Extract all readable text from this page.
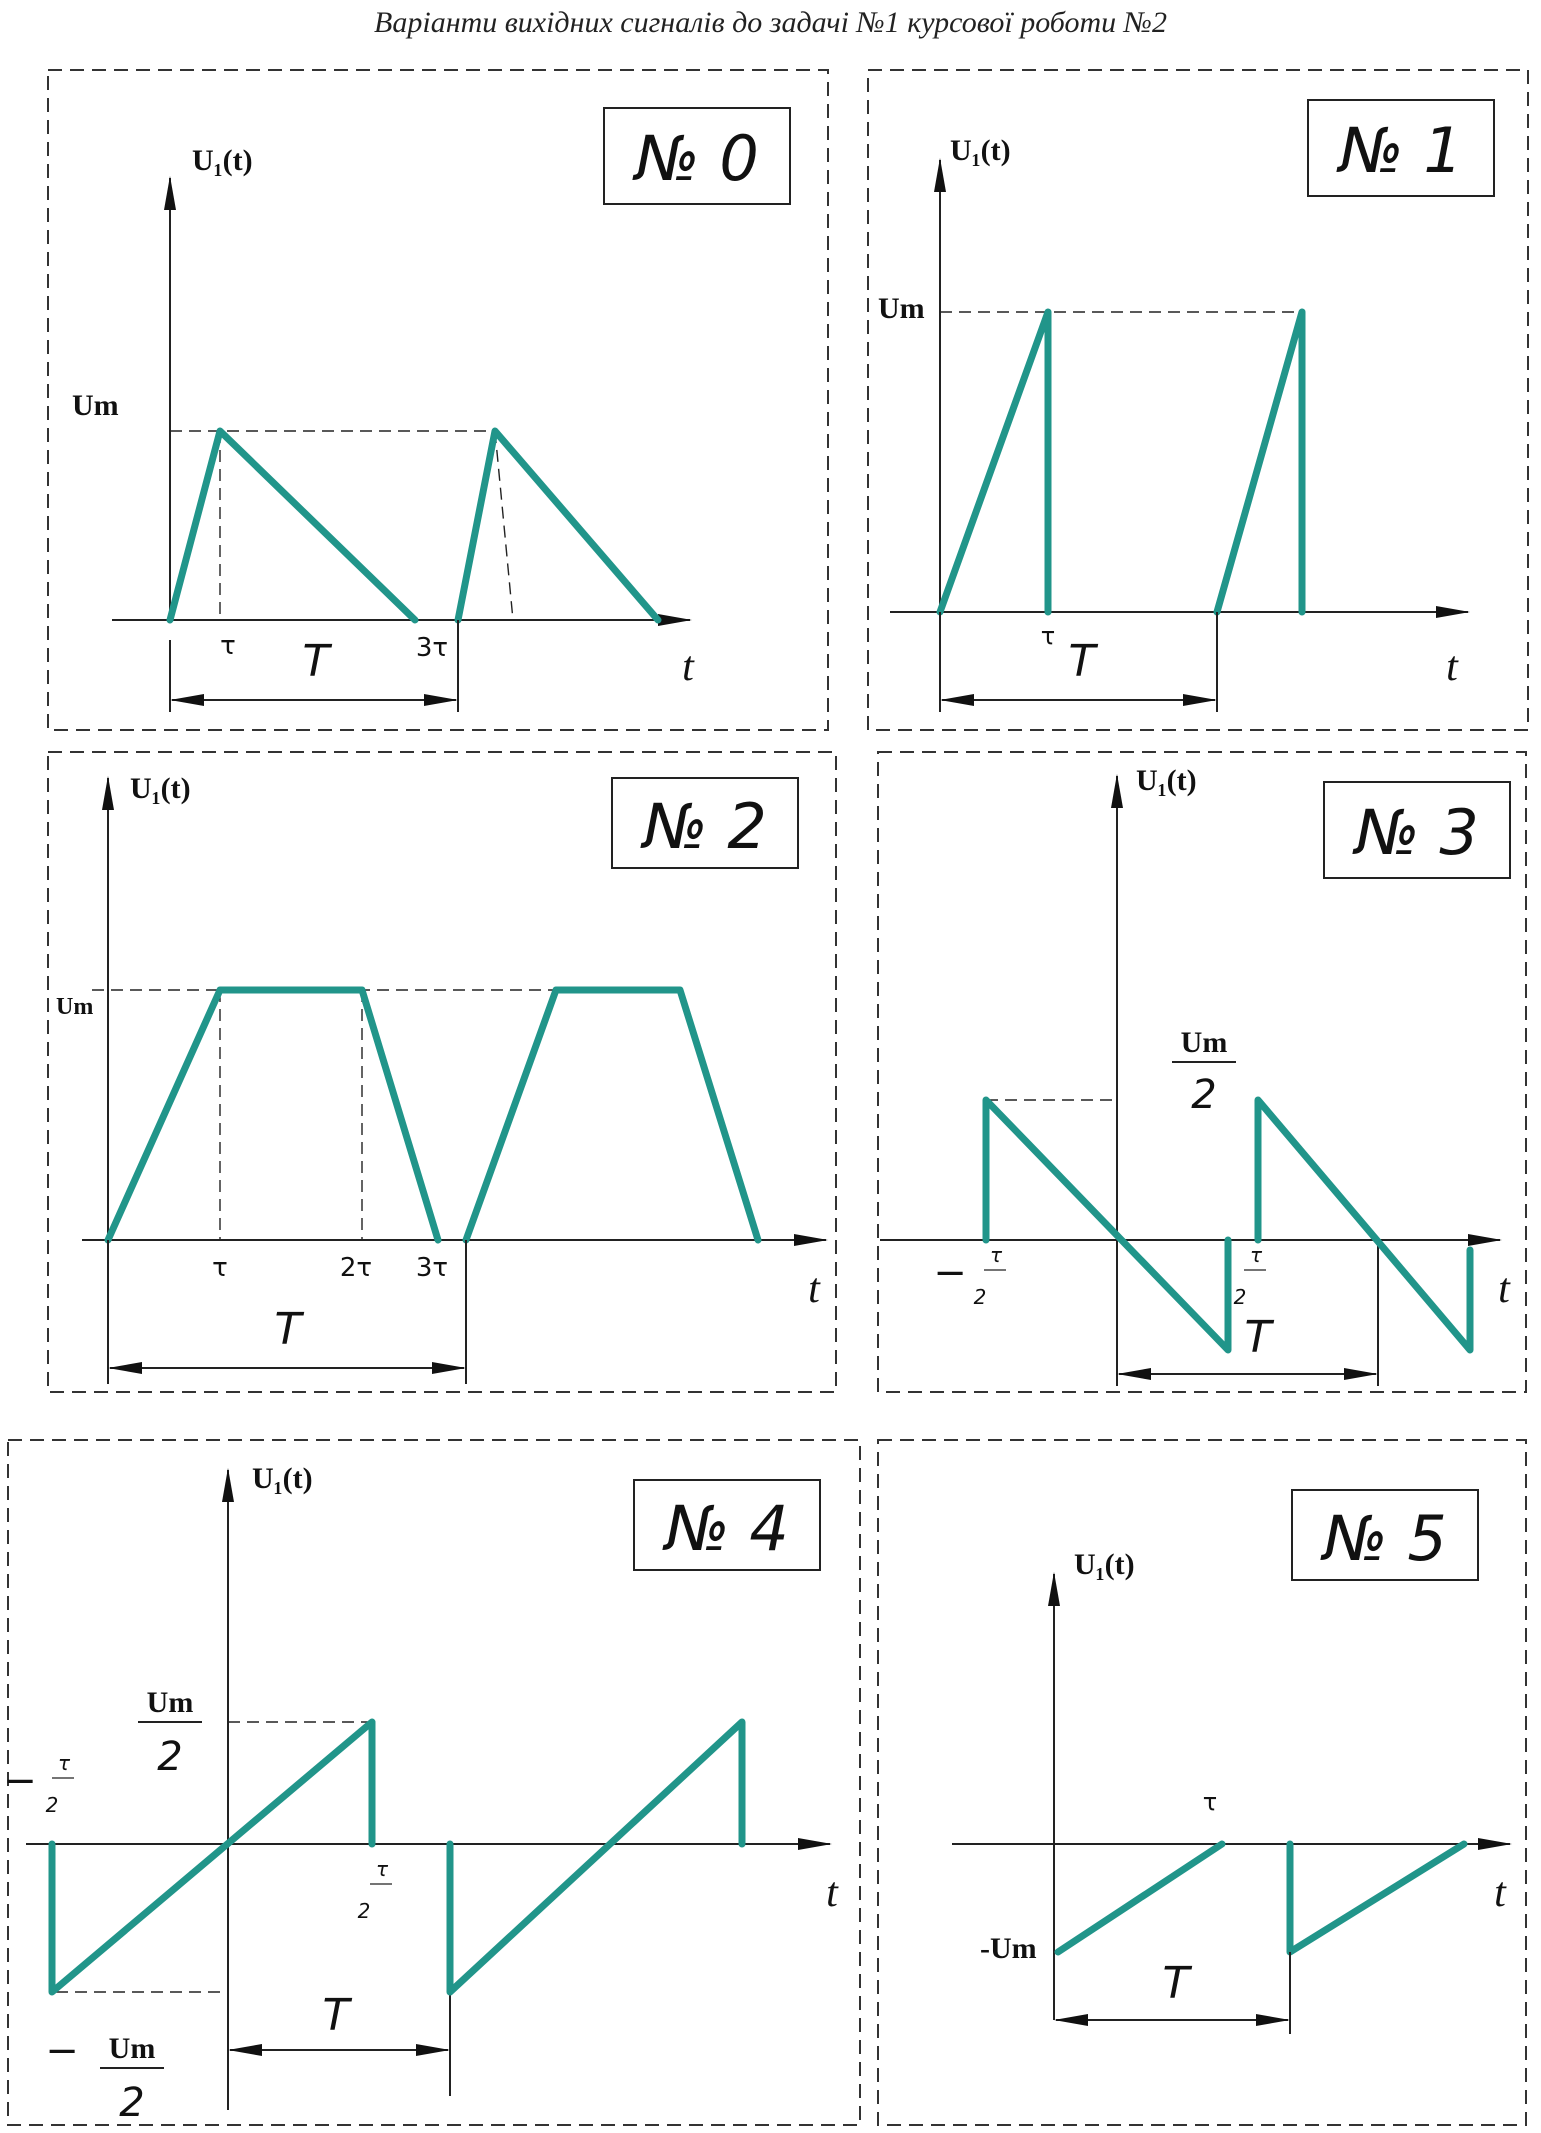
Варіанти вихідних сигналів до задачі №1 курсової роботи №2
№ 0
U₁(t)
Um
τ	3τ
T	t
№ 1
U₁(t)
Um
τ T	t
№ 2
U₁(t)
Um
τ	2τ 3τ
T
t
№ 3
U₁(t)
Um
2
− τ
2
τ
2
T
t
№ 4
U₁(t)
Um
2
− τ
2
τ
2
− Um
2
T
t
№ 5
U₁(t)
-Um
τ
T
t
